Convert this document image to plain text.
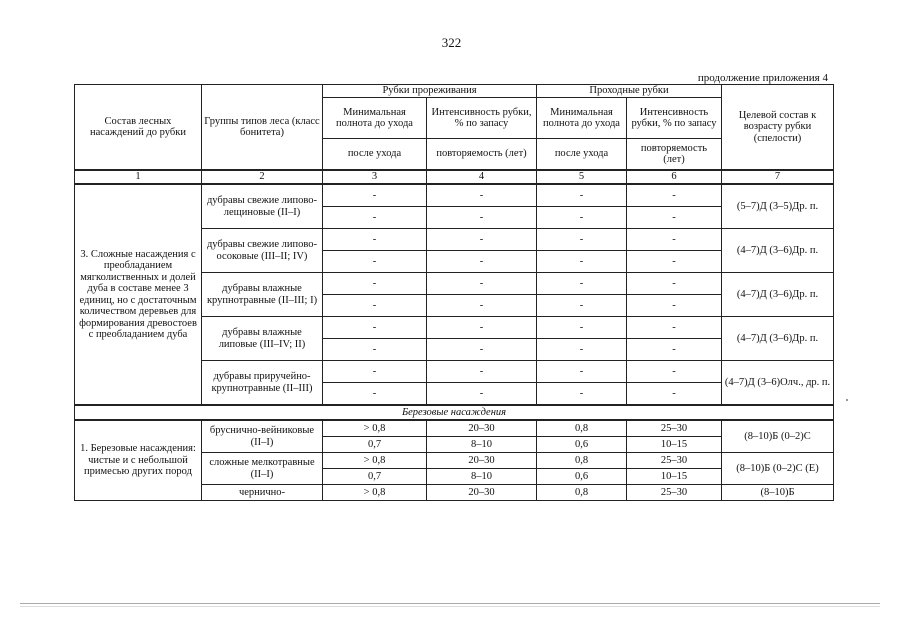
322
продолжение приложения 4
Состав лесных насаждений до рубки	Группы типов леса (класс бонитета)	Рубки прореживания		Проходные рубки		Целевой состав к возрасту рубки (спелости)
		Минимальная полнота до ухода	Интенсивность рубки, % по запасу	Минимальная полнота до ухода	Интенсивность рубки, % по запасу	
		после ухода	повторяемость (лет)	после ухода	повторяемость (лет)	
1	2	3	4	5	6	7
3. Сложные насаждения с преобладанием мягколиственных и долей дуба в составе менее 3 единиц, но с достаточным количеством деревьев для формирования древостоев с преобладанием дуба	дубравы свежие липово-лещиновые (II–I)	-	-	-	-	(5–7)Д (3–5)Др. п.
		-	-	-	-	
	дубравы свежие липово-осоковые (III–II; IV)	-	-	-	-	(4–7)Д (3–6)Др. п.
		-	-	-	-	
	дубравы влажные крупнотравные (II–III; I)	-	-	-	-	(4–7)Д (3–6)Др. п.
		-	-	-	-	
	дубравы влажные липовые (III–IV; II)	-	-	-	-	(4–7)Д (3–6)Др. п.
		-	-	-	-	
	дубравы приручейно-крупнотравные (II–III)	-	-	-	-	(4–7)Д (3–6)Олч., др. п.
		-	-	-	-	
Березовые насаждения						
1. Березовые насаждения: чистые и с небольшой примесью других пород	брусничнo-вейниковые (II–I)	> 0,8	20–30	0,8	25–30	(8–10)Б (0–2)С
		0,7	8–10	0,6	10–15	
	сложные мелкотравные (II–I)	> 0,8	20–30	0,8	25–30	(8–10)Б (0–2)С (Е)
		0,7	8–10	0,6	10–15	
	чернично-	> 0,8	20–30	0,8	25–30	(8–10)Б
